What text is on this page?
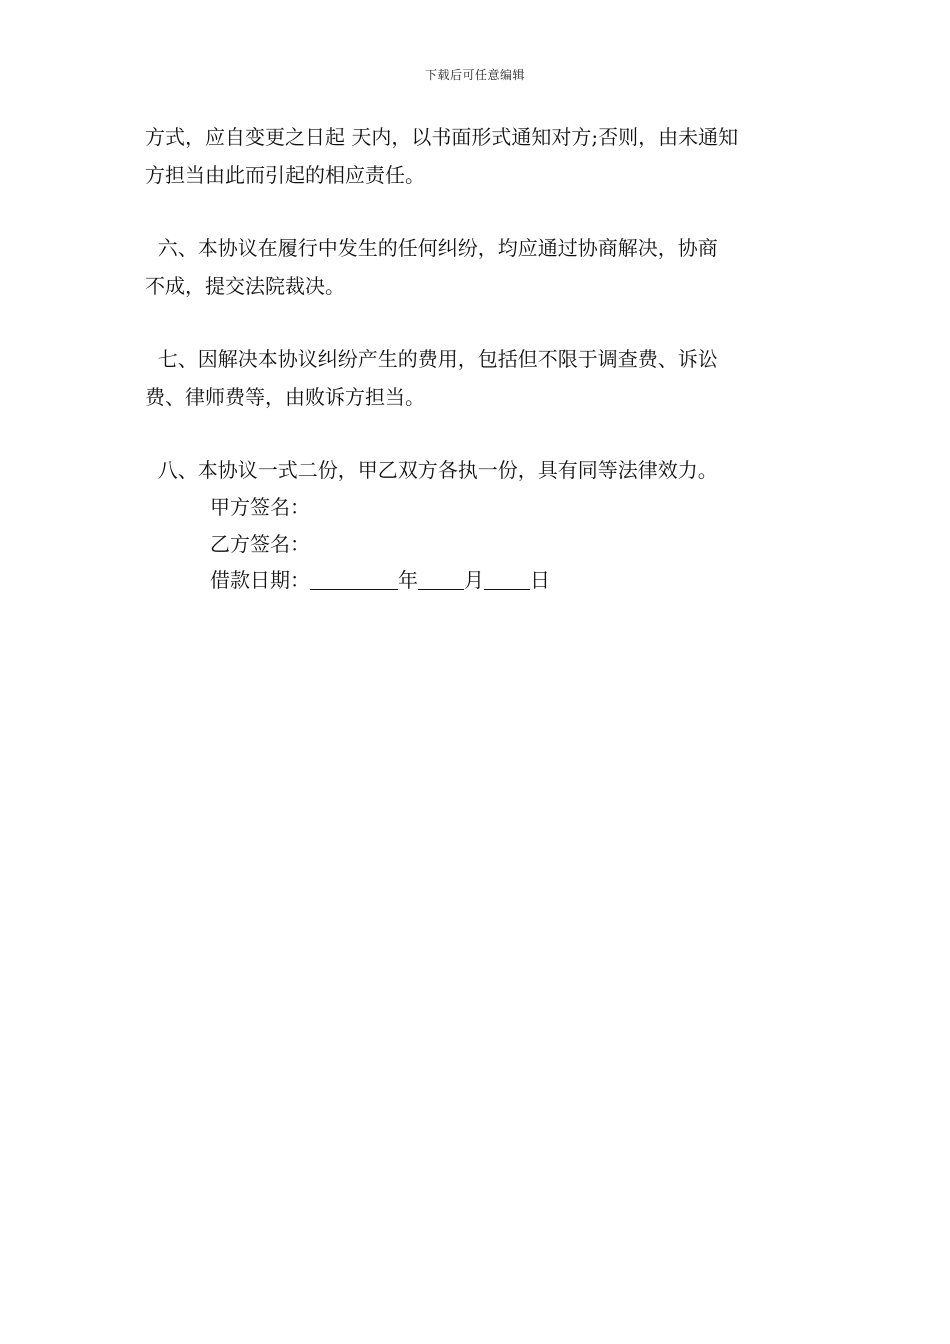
下载后可任意编辑
方式，应自变更之日起 天内，以书面形式通知对方;否则，由未通知
方担当由此而引起的相应责任。
六、本协议在履行中发生的任何纠纷，均应通过协商解决，协商
不成，提交法院裁决。
七、因解决本协议纠纷产生的费用，包括但不限于调查费、诉讼
费、律师费等，由败诉方担当。
八、本协议一式二份，甲乙双方各执一份，具有同等法律效力。
甲方签名：
乙方签名：
借款日期：	年 月 日
